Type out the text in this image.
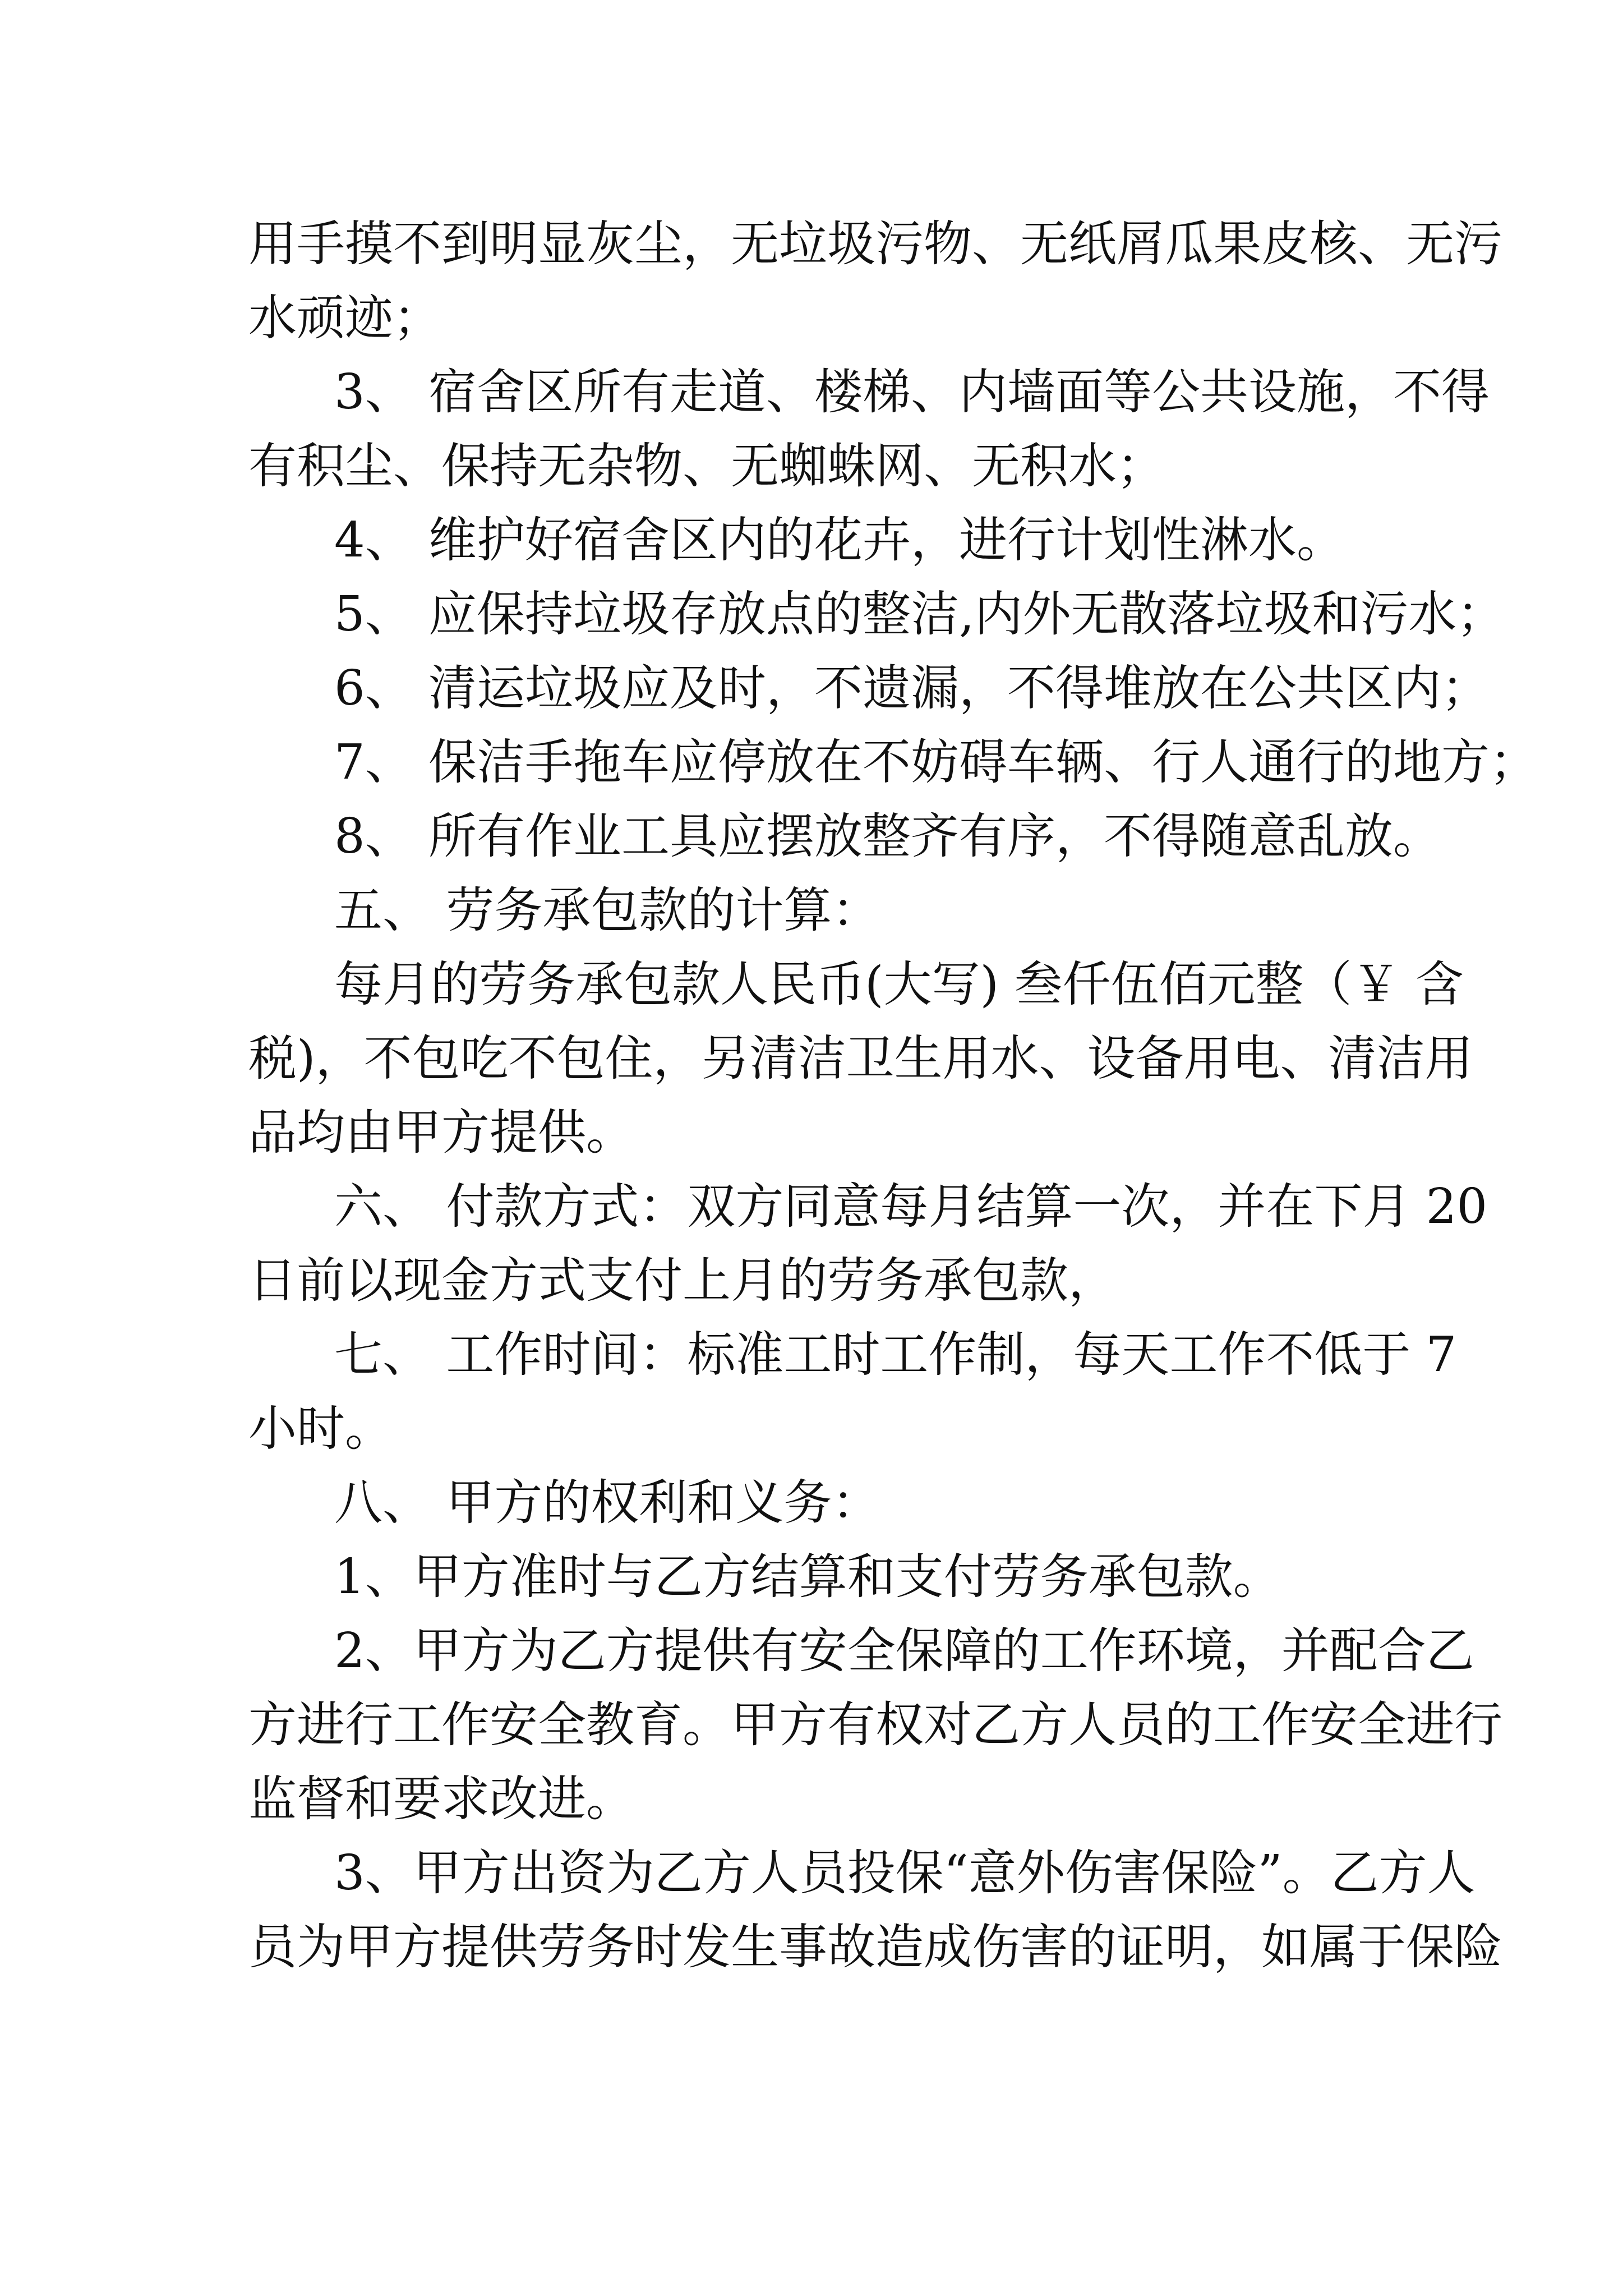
用手摸不到明显灰尘，无垃圾污物、无纸屑瓜果皮核、无污
水顽迹；
3、 宿舍区所有走道、楼梯、内墙面等公共设施，不得
有积尘、保持无杂物、无蜘蛛网、无积水；
4、 维护好宿舍区内的花卉，进行计划性淋水。
5、 应保持垃圾存放点的整洁,内外无散落垃圾和污水；
6、 清运垃圾应及时，不遗漏，不得堆放在公共区内；
7、 保洁手拖车应停放在不妨碍车辆、行人通行的地方；
8、 所有作业工具应摆放整齐有序，不得随意乱放。
五、 劳务承包款的计算：
每月的劳务承包款人民币(大写) 叁仟伍佰元整（￥ 含
税)，不包吃不包住，另清洁卫生用水、设备用电、清洁用
品均由甲方提供。
六、 付款方式：双方同意每月结算一次，并在下月 20
日前以现金方式支付上月的劳务承包款，
七、 工作时间：标准工时工作制，每天工作不低于 7
小时。
八、 甲方的权利和义务：
1、甲方准时与乙方结算和支付劳务承包款。
2、甲方为乙方提供有安全保障的工作环境，并配合乙
方进行工作安全教育。甲方有权对乙方人员的工作安全进行
监督和要求改进。
3、甲方出资为乙方人员投保“意外伤害保险”。乙方人
员为甲方提供劳务时发生事故造成伤害的证明，如属于保险
